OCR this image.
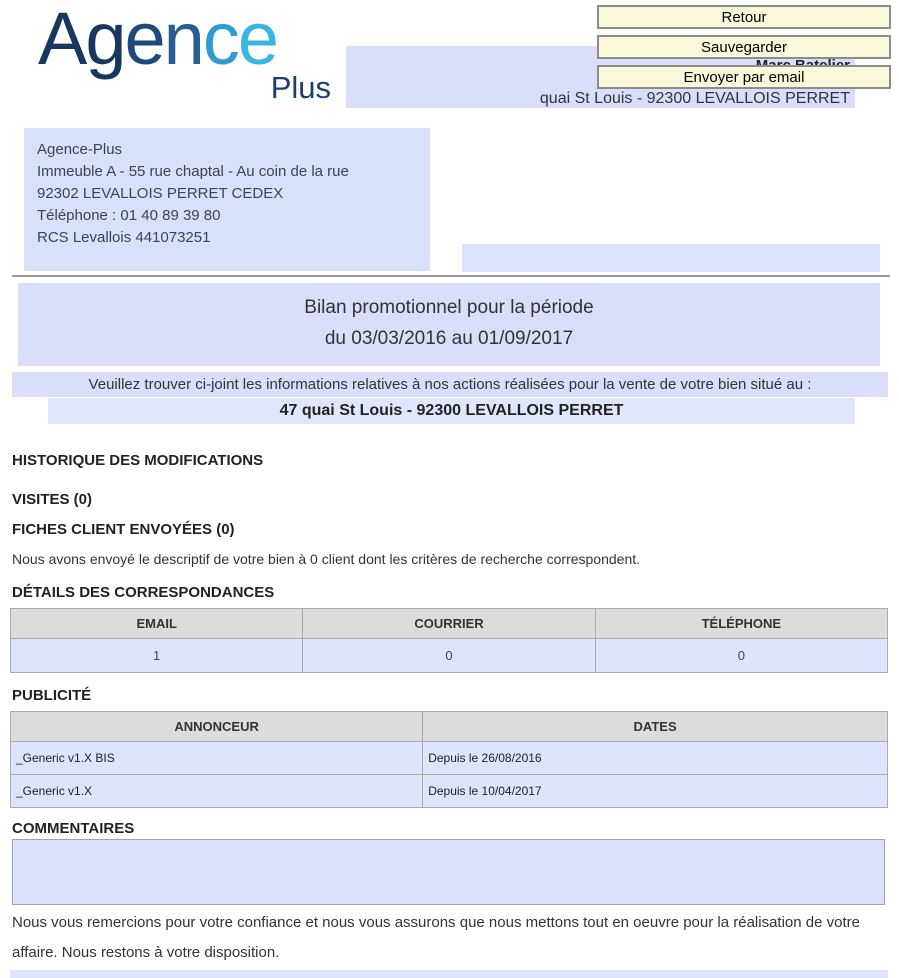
Agence
Plus
Retour
Sauvegarder
Envoyer par email
quai St Louis - 92300 LEVALLOIS PERRET
Agence-Plus
Immeuble A - 55 rue chaptal - Au coin de la rue
92302 LEVALLOIS PERRET CEDEX
Téléphone : 01 40 89 39 80
RCS Levallois 441073251
Bilan promotionnel pour la période
du 03/03/2016 au 01/09/2017
Veuillez trouver ci-joint les informations relatives à nos actions réalisées pour la vente de votre bien situé au :
47 quai St Louis - 92300 LEVALLOIS PERRET
HISTORIQUE DES MODIFICATIONS
VISITES (0)
FICHES CLIENT ENVOYÉES (0)
Nous avons envoyé le descriptif de votre bien à 0 client dont les critères de recherche correspondent.
DÉTAILS DES CORRESPONDANCES
EMAIL	COURRIER	TÉLÉPHONE
1	0	0
PUBLICITÉ
ANNONCEUR	DATES
_Generic v1.X BIS	Depuis le 26/08/2016
_Generic v1.X	Depuis le 10/04/2017
COMMENTAIRES
Nous vous remercions pour votre confiance et nous vous assurons que nous mettons tout en oeuvre pour la réalisation de votre affaire. Nous restons à votre disposition.
